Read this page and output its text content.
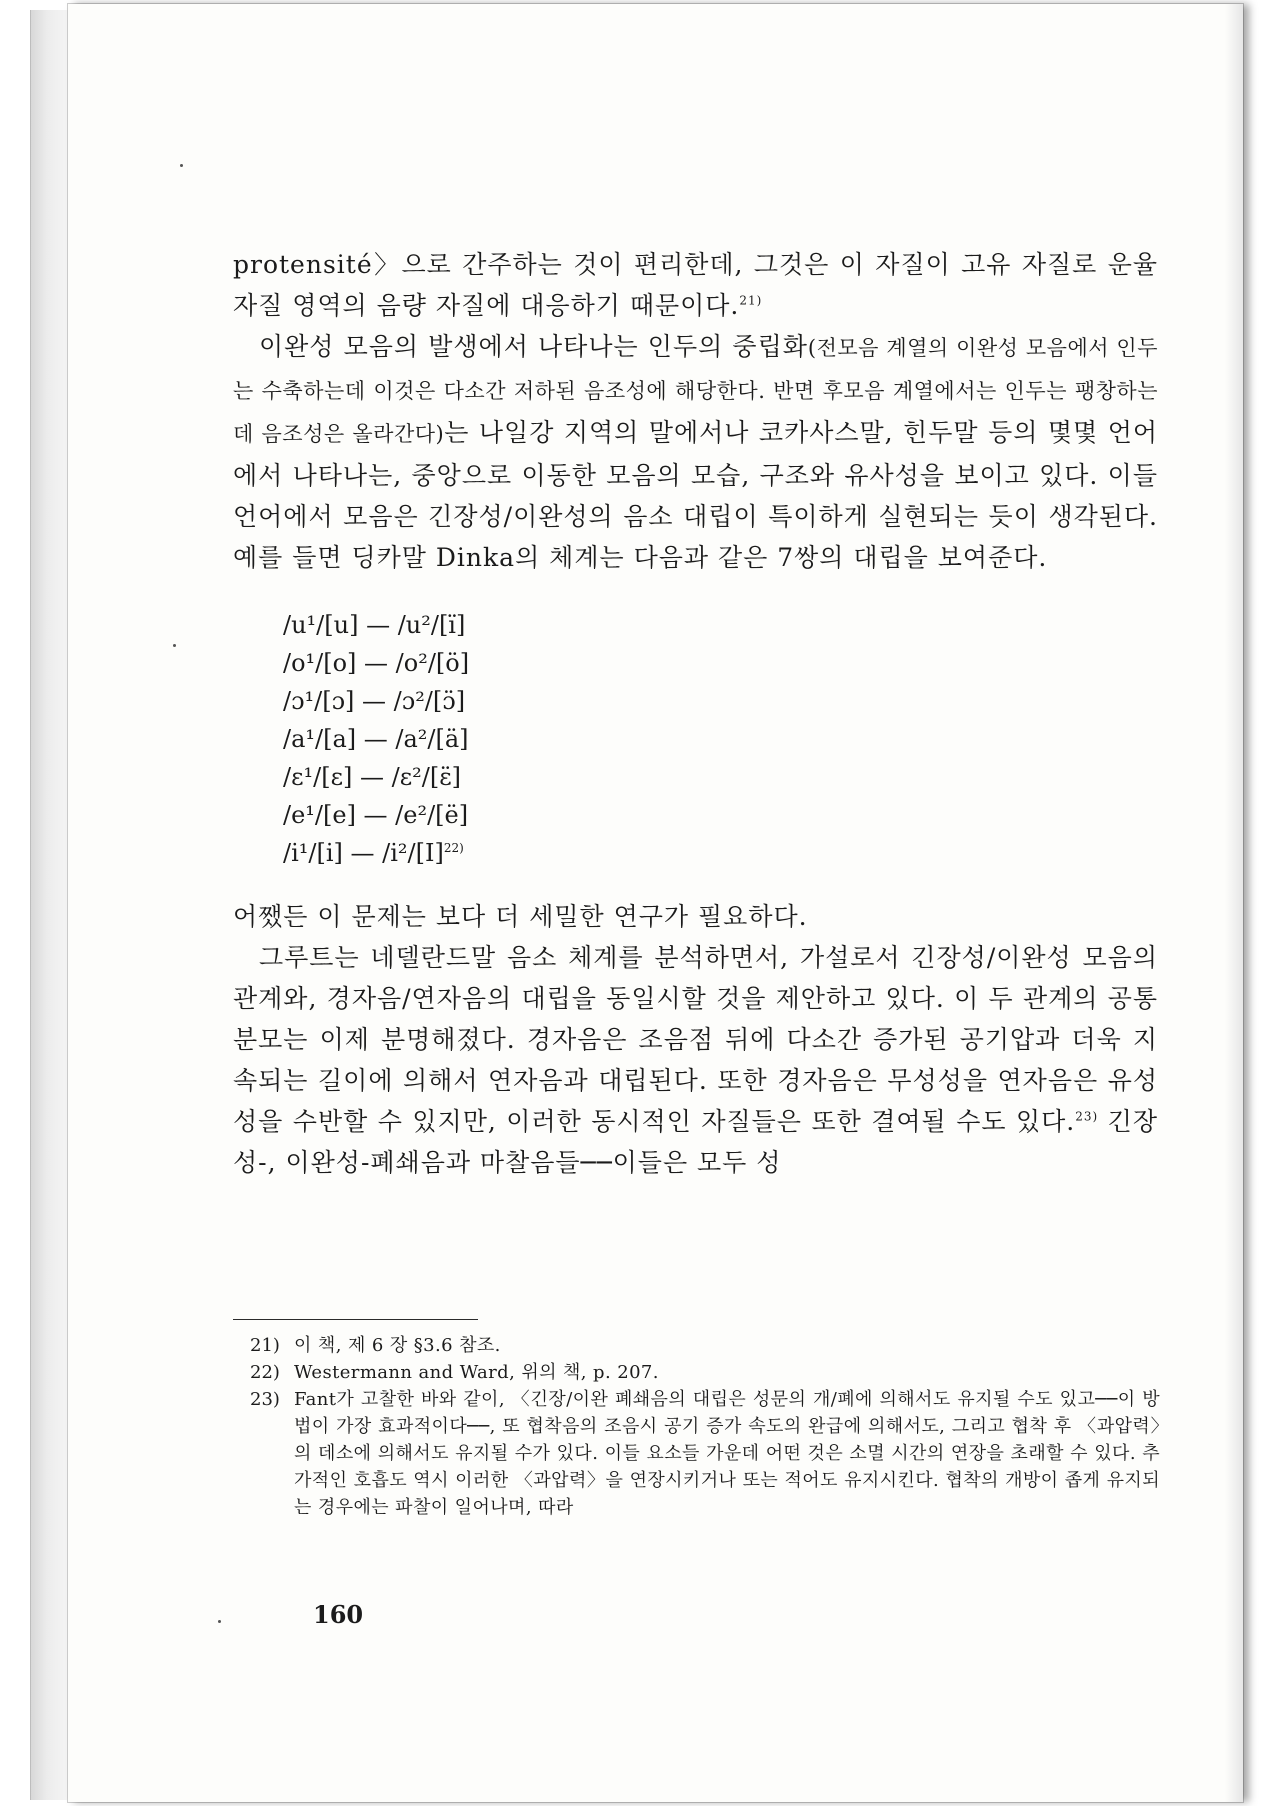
protensité〉으로 간주하는 것이 편리한데, 그것은 이 자질이 고유 자질로 운율 자질 영역의 음량 자질에 대응하기 때문이다.$^{21)}$

이완성 모음의 발생에서 나타나는 인두의 중립화(전모음 계열의 이완성 모음에서 인두는 수축하는데 이것은 다소간 저하된 음조성에 해당한다. 반면 후모음 계열에서는 인두는 팽창하는데 음조성은 올라간다)는 나일강 지역의 말에서나 코카사스말, 힌두말 등의 몇몇 언어에서 나타나는, 중앙으로 이동한 모음의 모습, 구조와 유사성을 보이고 있다. 이들 언어에서 모음은 긴장성/이완성의 음소 대립이 특이하게 실현되는 듯이 생각된다. 예를 들면 딩카말 Dinka의 체계는 다음과 같은 7쌍의 대립을 보여준다.

/u¹/[u] — /u²/[ï]
/o¹/[o] — /o²/[ö]
/ɔ¹/[ɔ] — /ɔ²/[ɔ̈]
/a¹/[a] — /a²/[ä]
/ɛ¹/[ɛ] — /ɛ²/[ɛ̈]
/e¹/[e] — /e²/[ë]
/i¹/[i] — $/i^2/[I]^{22)}$

어쨌든 이 문제는 보다 더 세밀한 연구가 필요하다.

그루트는 네델란드말 음소 체계를 분석하면서, 가설로서 긴장성/이완성 모음의 관계와, 경자음/연자음의 대립을 동일시할 것을 제안하고 있다. 이 두 관계의 공통분모는 이제 분명해졌다. 경자음은 조음점 뒤에 다소간 증가된 공기압과 더욱 지속되는 길이에 의해서 연자음과 대립된다. 또한 경자음은 무성성을 연자음은 유성성을 수반할 수 있지만, 이러한 동시적인 자질들은 또한 결여될 수도 있다.$^{23)}$ 긴장성-, 이완성-폐쇄음과 마찰음들──이들은 모두 성

21) 이 책, 제 6 장 §3.6 참조.

22) Westermann and Ward, 위의 책, p. 207.

23) Fant가 고찰한 바와 같이, 〈긴장/이완 폐쇄음의 대립은 성문의 개/폐에 의해서도 유지될 수도 있고──이 방법이 가장 효과적이다──, 또 협착음의 조음시 공기 증가 속도의 완급에 의해서도, 그리고 협착 후 〈과압력〉의 데소에 의해서도 유지될 수가 있다. 이들 요소들 가운데 어떤 것은 소멸 시간의 연장을 초래할 수 있다. 추가적인 호흡도 역시 이러한 〈과압력〉을 연장시키거나 또는 적어도 유지시킨다. 협착의 개방이 좁게 유지되는 경우에는 파찰이 일어나며, 따라

160
